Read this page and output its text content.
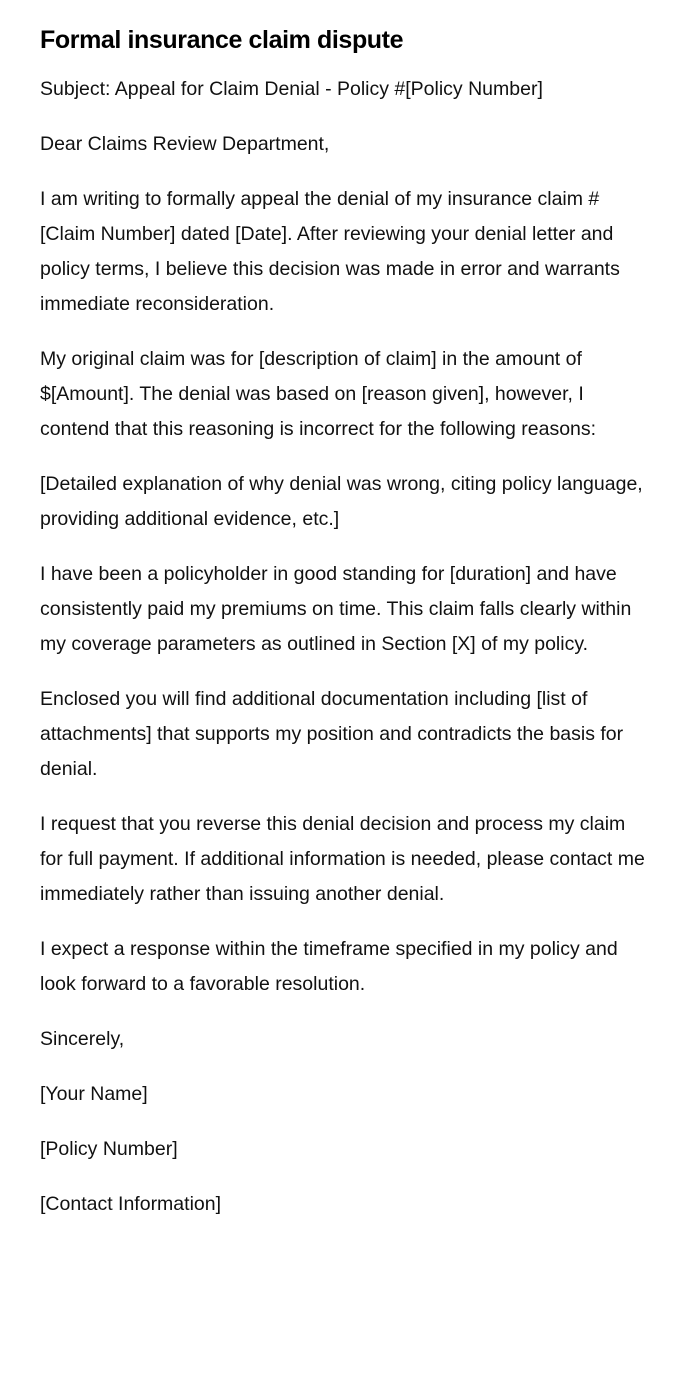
Formal insurance claim dispute

Subject: Appeal for Claim Denial - Policy #[Policy Number]

Dear Claims Review Department,

I am writing to formally appeal the denial of my insurance claim #[Claim Number] dated [Date]. After reviewing your denial letter and policy terms, I believe this decision was made in error and warrants immediate reconsideration.

My original claim was for [description of claim] in the amount of $[Amount]. The denial was based on [reason given], however, I contend that this reasoning is incorrect for the following reasons:

[Detailed explanation of why denial was wrong, citing policy language, providing additional evidence, etc.]

I have been a policyholder in good standing for [duration] and have consistently paid my premiums on time. This claim falls clearly within my coverage parameters as outlined in Section [X] of my policy.

Enclosed you will find additional documentation including [list of attachments] that supports my position and contradicts the basis for denial.

I request that you reverse this denial decision and process my claim for full payment. If additional information is needed, please contact me immediately rather than issuing another denial.

I expect a response within the timeframe specified in my policy and look forward to a favorable resolution.

Sincerely,

[Your Name]

[Policy Number]

[Contact Information]
